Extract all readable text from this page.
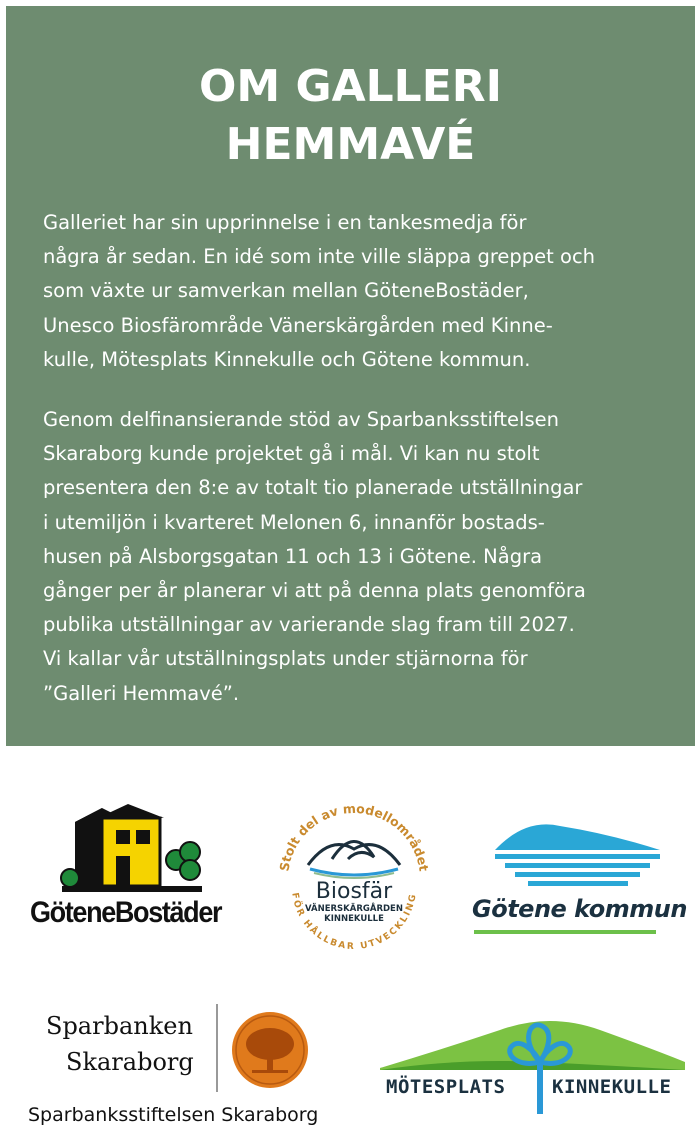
OM GALLERI
HEMMAVÉ
Galleriet har sin upprinnelse i en tankesmedja för
några år sedan. En idé som inte ville släppa greppet och
som växte ur samverkan mellan GöteneBostäder,
Unesco Biosfärområde Vänerskärgården med Kinne-
kulle, Mötesplats Kinnekulle och Götene kommun.
Genom delfinansierande stöd av Sparbanksstiftelsen
Skaraborg kunde projektet gå i mål. Vi kan nu stolt
presentera den 8:e av totalt tio planerade utställningar
i utemiljön i kvarteret Melonen 6, innanför bostads-
husen på Alsborgsgatan 11 och 13 i Götene. Några
gånger per år planerar vi att på denna plats genomföra
publika utställningar av varierande slag fram till 2027.
Vi kallar vår utställningsplats under stjärnorna för
”Galleri Hemmavé”.
GöteneBostäder
Stolt del av modellområdet
FÖR HÅLLBAR UTVECKLING
Biosfär
VÄNERSKÄRGÅRDEN
KINNEKULLE	Götene kommun
Sparbanken
Skaraborg
Sparbanksstiftelsen Skaraborg
MÖTESPLATS KINNEKULLE
